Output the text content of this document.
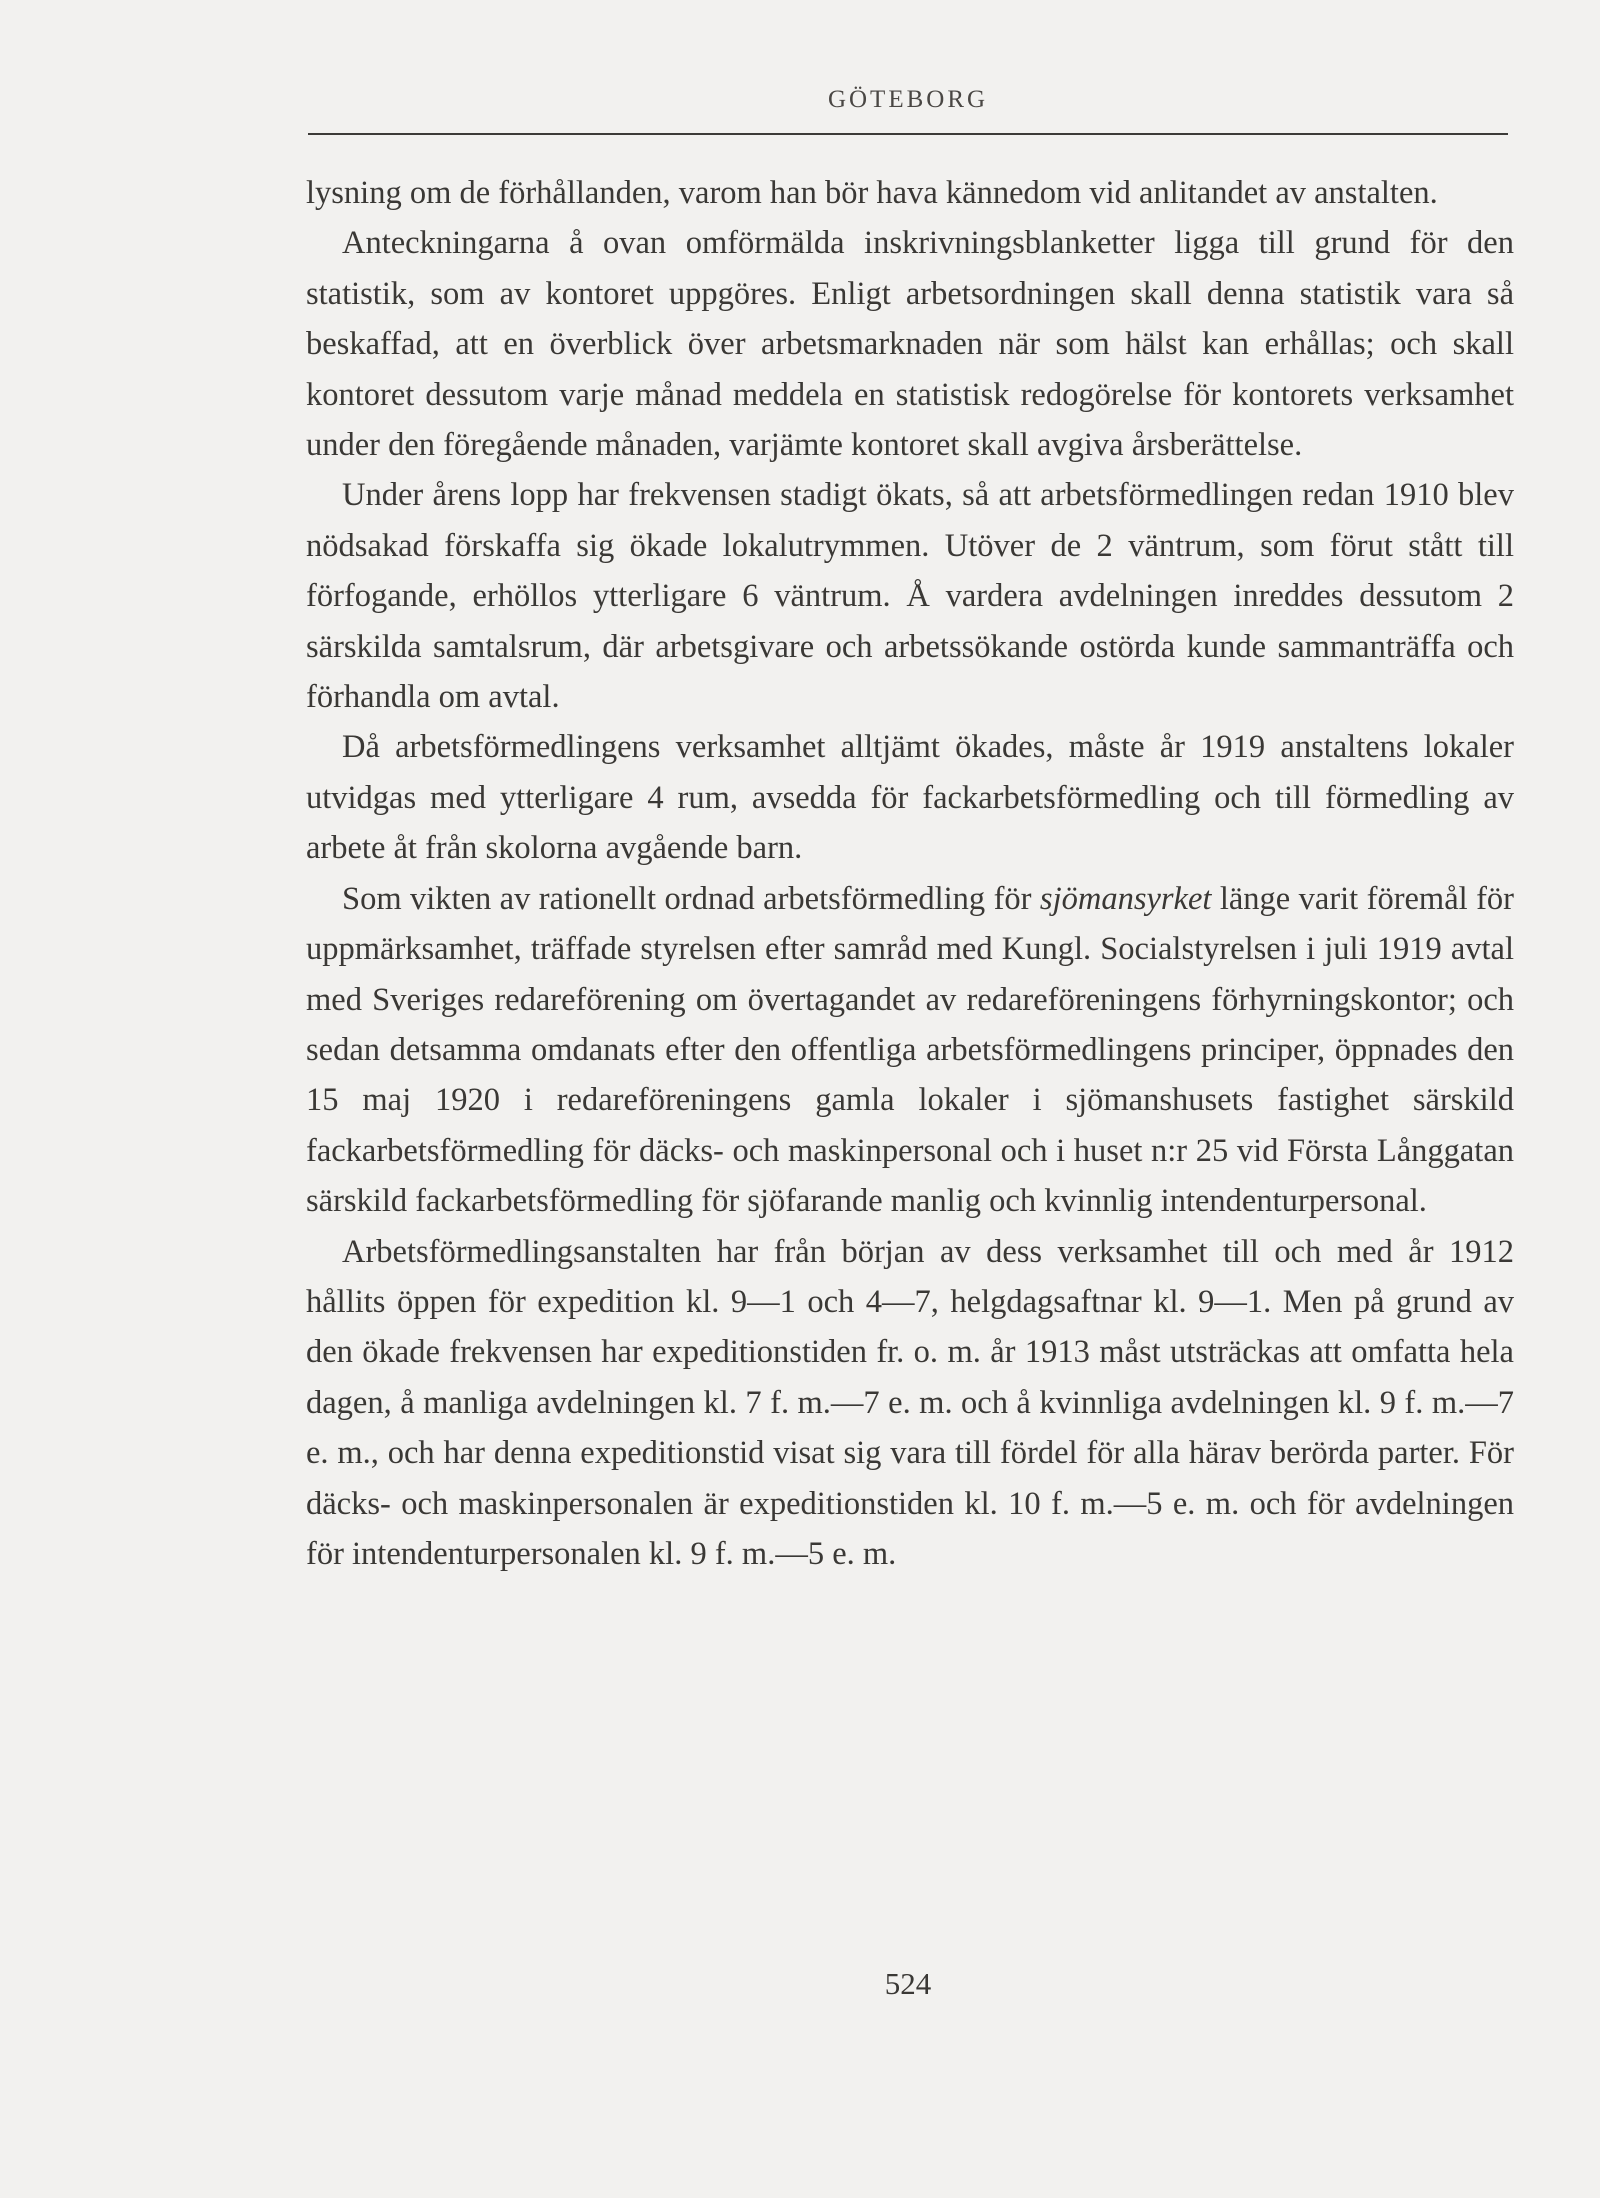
GÖTEBORG

lysning om de förhållanden, varom han bör hava kännedom vid anlitandet av anstalten.

Anteckningarna å ovan omförmälda inskrivningsblanketter ligga till grund för den statistik, som av kontoret uppgöres. Enligt arbetsordningen skall denna statistik vara så beskaffad, att en överblick över arbetsmarknaden när som hälst kan erhållas; och skall kontoret dessutom varje månad meddela en statistisk redogörelse för kontorets verksamhet under den föregående månaden, varjämte kontoret skall avgiva årsberättelse.

Under årens lopp har frekvensen stadigt ökats, så att arbetsförmedlingen redan 1910 blev nödsakad förskaffa sig ökade lokalutrymmen. Utöver de 2 väntrum, som förut stått till förfogande, erhöllos ytterligare 6 väntrum. Å vardera avdelningen inreddes dessutom 2 särskilda samtalsrum, där arbetsgivare och arbetssökande ostörda kunde sammanträffa och förhandla om avtal.

Då arbetsförmedlingens verksamhet alltjämt ökades, måste år 1919 anstaltens lokaler utvidgas med ytterligare 4 rum, avsedda för fackarbetsförmedling och till förmedling av arbete åt från skolorna avgående barn.

Som vikten av rationellt ordnad arbetsförmedling för sjömansyrket länge varit föremål för uppmärksamhet, träffade styrelsen efter samråd med Kungl. Socialstyrelsen i juli 1919 avtal med Sveriges redareförening om övertagandet av redareföreningens förhyrningskontor; och sedan detsamma omdanats efter den offentliga arbetsförmedlingens principer, öppnades den 15 maj 1920 i redareföreningens gamla lokaler i sjömanshusets fastighet särskild fackarbetsförmedling för däcks- och maskinpersonal och i huset n:r 25 vid Första Långgatan särskild fackarbetsförmedling för sjöfarande manlig och kvinnlig intendenturpersonal.

Arbetsförmedlingsanstalten har från början av dess verksamhet till och med år 1912 hållits öppen för expedition kl. 9—1 och 4—7, helgdagsaftnar kl. 9—1. Men på grund av den ökade frekvensen har expeditionstiden fr. o. m. år 1913 måst utsträckas att omfatta hela dagen, å manliga avdelningen kl. 7 f. m.—7 e. m. och å kvinnliga avdelningen kl. 9 f. m.—7 e. m., och har denna expeditionstid visat sig vara till fördel för alla härav berörda parter. För däcks- och maskinpersonalen är expeditionstiden kl. 10 f. m.—5 e. m. och för avdelningen för intendenturpersonalen kl. 9 f. m.—5 e. m.

524
